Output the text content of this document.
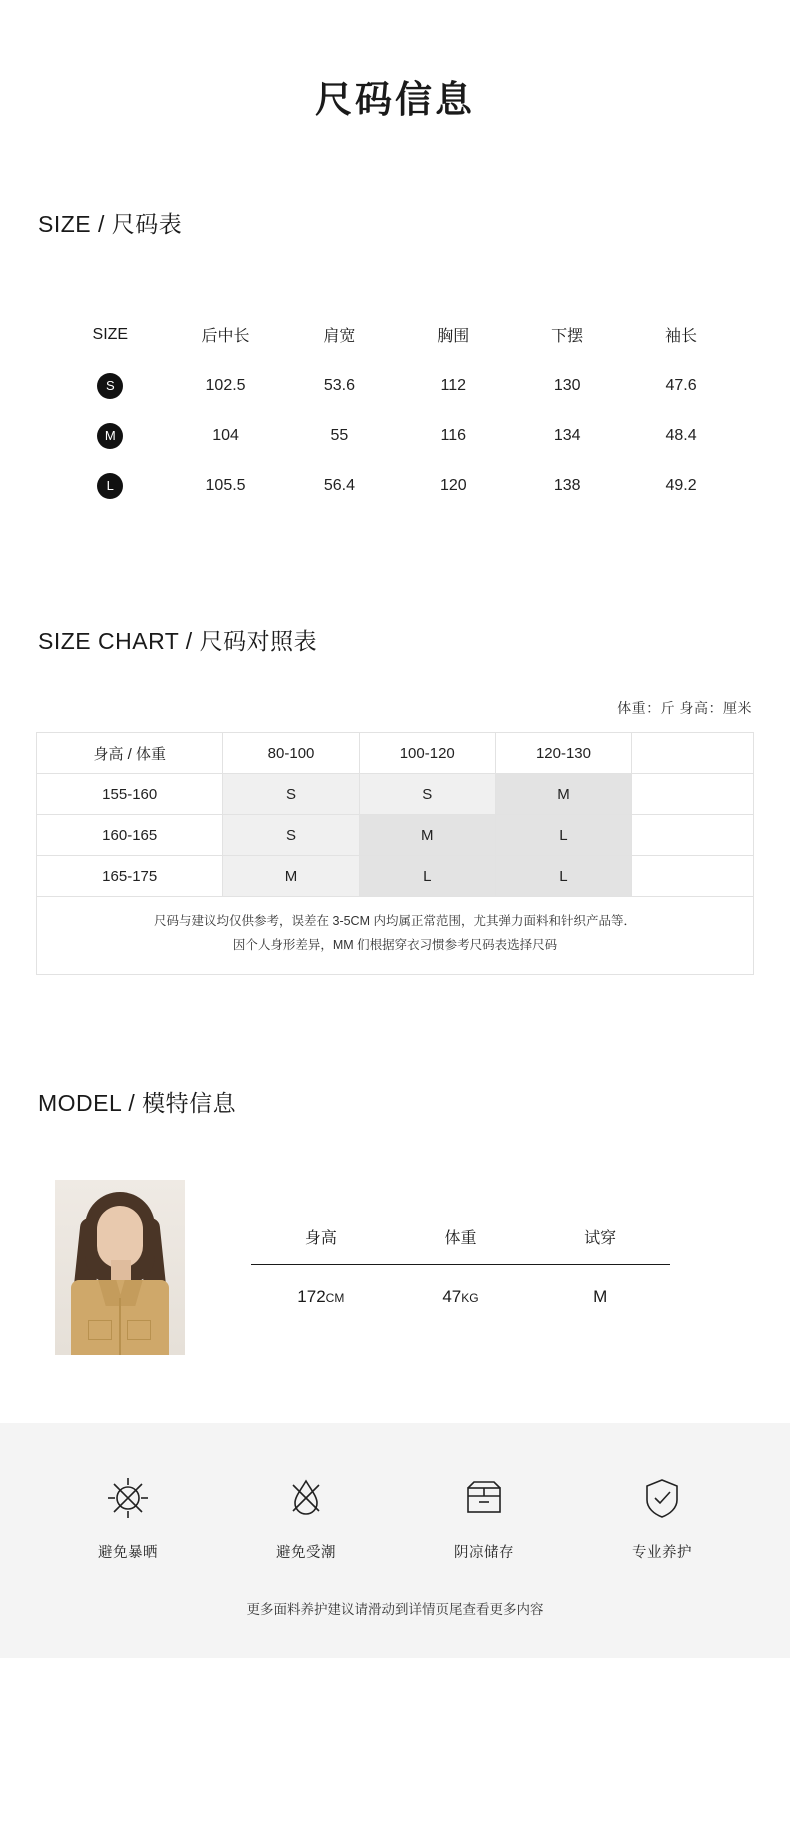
尺码信息
SIZE / 尺码表
SIZE	后中长	肩宽	胸围	下摆	袖长
S	102.5	53.6	112	130	47.6
M	104	55	116	134	48.4
L	105.5	56.4	120	138	49.2
SIZE CHART / 尺码对照表
体重：斤 身高：厘米
身高 / 体重	80-100	100-120	120-130	
155-160	S	S	M	
160-165	S	M	L	
165-175	M	L	L	
尺码与建议均仅供参考，误差在 3-5CM 内均属正常范围，尤其弹力面料和针织产品等．
因个人身形差异，MM 们根据穿衣习惯参考尺码表选择尺码
MODEL / 模特信息
身高	体重	试穿
172CM	47KG	M
避免暴晒	避免受潮	阴凉储存	专业养护
更多面料养护建议请滑动到详情页尾查看更多内容
